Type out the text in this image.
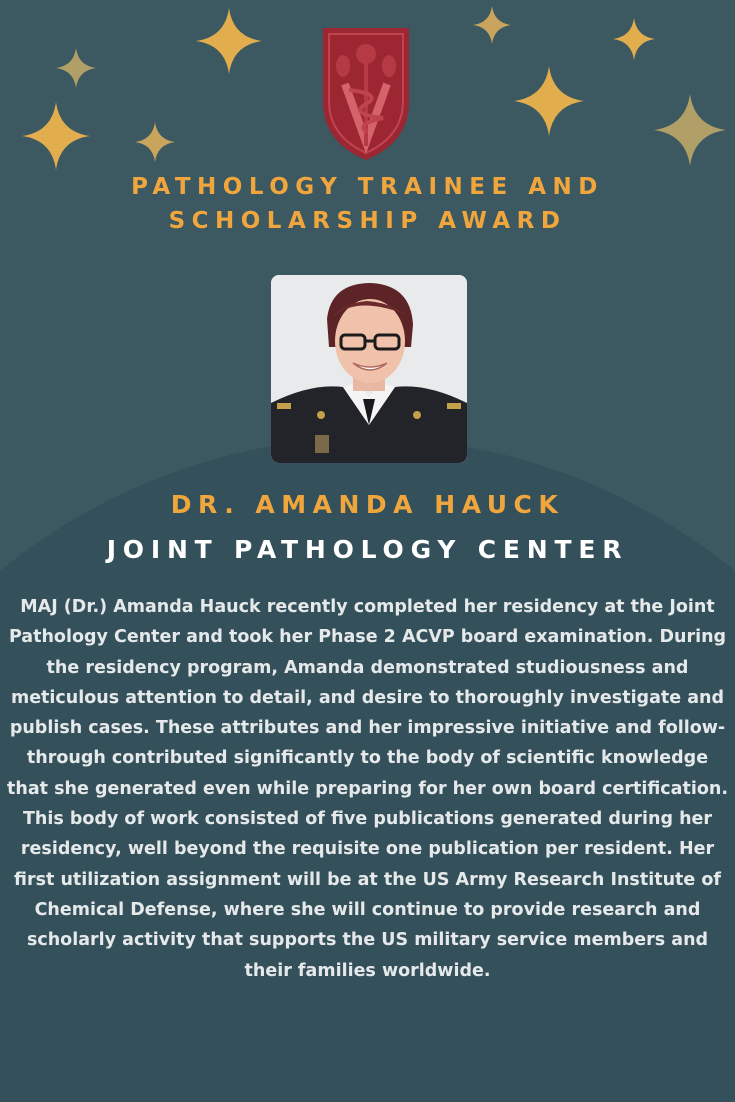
PATHOLOGY TRAINEE AND
SCHOLARSHIP AWARD
DR. AMANDA HAUCK
JOINT PATHOLOGY CENTER
MAJ (Dr.) Amanda Hauck recently completed her residency at the Joint Pathology Center and took her Phase 2 ACVP board examination. During the residency program, Amanda demonstrated studiousness and meticulous attention to detail, and desire to thoroughly investigate and publish cases. These attributes and her impressive initiative and follow-through contributed significantly to the body of scientific knowledge that she generated even while preparing for her own board certification. This body of work consisted of five publications generated during her residency, well beyond the requisite one publication per resident. Her first utilization assignment will be at the US Army Research Institute of Chemical Defense, where she will continue to provide research and scholarly activity that supports the US military service members and their families worldwide.
